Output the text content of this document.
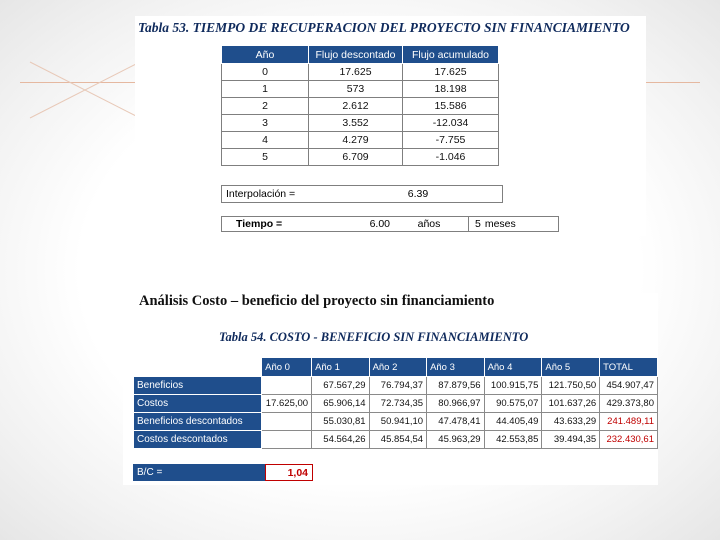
Tabla 53. TIEMPO DE RECUPERACION DEL PROYECTO SIN FINANCIAMIENTO
Año	Flujo descontado	Flujo acumulado
0	17.625	17.625
1	573	18.198
2	2.612	15.586
3	3.552	-12.034
4	4.279	-7.755
5	6.709	-1.046
Interpolación =	6.39
Tiempo =	6.00	años	5 meses
Análisis Costo – beneficio del proyecto sin financiamiento
Tabla 54. COSTO - BENEFICIO SIN FINANCIAMIENTO
	Año 0	Año 1	Año 2	Año 3	Año 4	Año 5	TOTAL
Beneficios		67.567,29	76.794,37	87.879,56	100.915,75	121.750,50	454.907,47
Costos	17.625,00	65.906,14	72.734,35	80.966,97	90.575,07	101.637,26	429.373,80
Beneficios descontados		55.030,81	50.941,10	47.478,41	44.405,49	43.633,29	241.489,11
Costos descontados		54.564,26	45.854,54	45.963,29	42.553,85	39.494,35	232.430,61
B/C =	1,04
